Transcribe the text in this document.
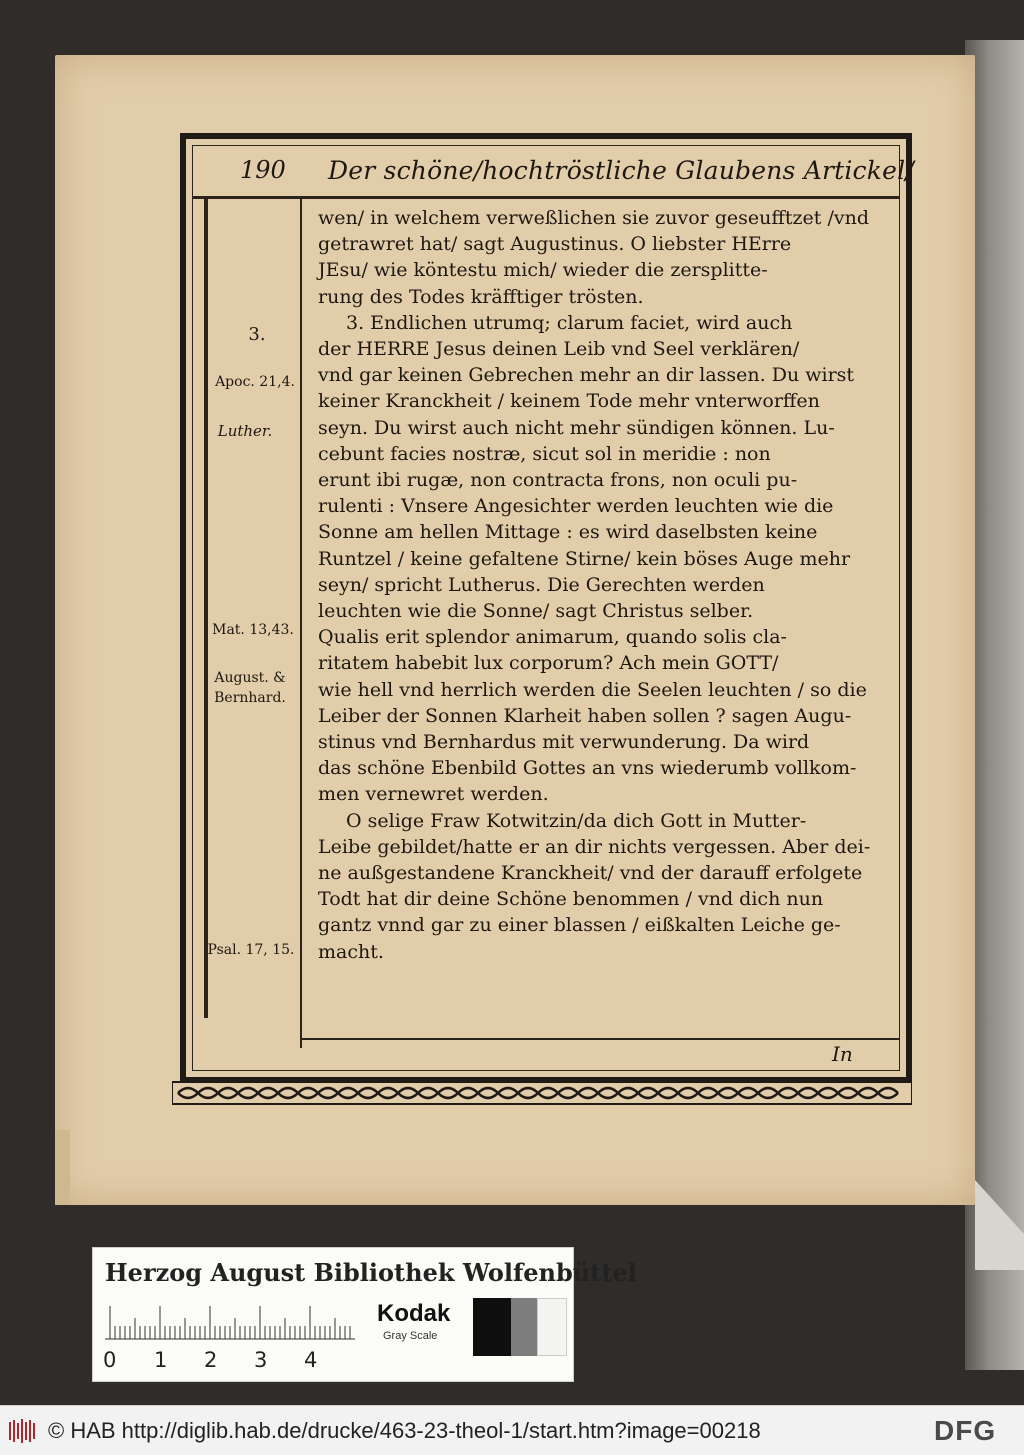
190 Der schöne/hochtröstliche Glaubens Artickel/
3.
Apoc. 21,4.
Luther.
Mat. 13,43.
August. &
Bernhard.
Psal. 17, 15.

wen/ in welchem verweßlichen sie zuvor geseufftzet /vnd

getrawret hat/ sagt Augustinus. O liebster HErre

JEsu/ wie köntestu mich/ wieder die zersplitte-

rung des Todes kräfftiger trösten.

3. Endlichen utrumq; clarum faciet, wird auch

der HERRE Jesus deinen Leib vnd Seel verklären/

vnd gar keinen Gebrechen mehr an dir lassen. Du wirst

keiner Kranckheit / keinem Tode mehr vnterworffen

seyn. Du wirst auch nicht mehr sündigen können. Lu-

cebunt facies nostræ, sicut sol in meridie : non

erunt ibi rugæ, non contracta frons, non oculi pu-

rulenti : Vnsere Angesichter werden leuchten wie die

Sonne am hellen Mittage : es wird daselbsten keine

Runtzel / keine gefaltene Stirne/ kein böses Auge mehr

seyn/ spricht Lutherus. Die Gerechten werden

leuchten wie die Sonne/ sagt Christus selber.

Qualis erit splendor animarum, quando solis cla-

ritatem habebit lux corporum? Ach mein GOTT/

wie hell vnd herrlich werden die Seelen leuchten / so die

Leiber der Sonnen Klarheit haben sollen ? sagen Augu-

stinus vnd Bernhardus mit verwunderung. Da wird

das schöne Ebenbild Gottes an vns wiederumb vollkom-

men vernewret werden.

O selige Fraw Kotwitzin/da dich Gott in Mutter-

Leibe gebildet/hatte er an dir nichts vergessen. Aber dei-

ne außgestandene Kranckheit/ vnd der darauff erfolgete

Todt hat dir deine Schöne benommen / vnd dich nun

gantz vnnd gar zu einer blassen / eißkalten Leiche ge-

macht.

In
Herzog August Bibliothek Wolfenbüttel
0 1 2 3 4
Kodak
Gray Scale
© HAB http://diglib.hab.de/drucke/463-23-theol-1/start.htm?image=00218	DFG
